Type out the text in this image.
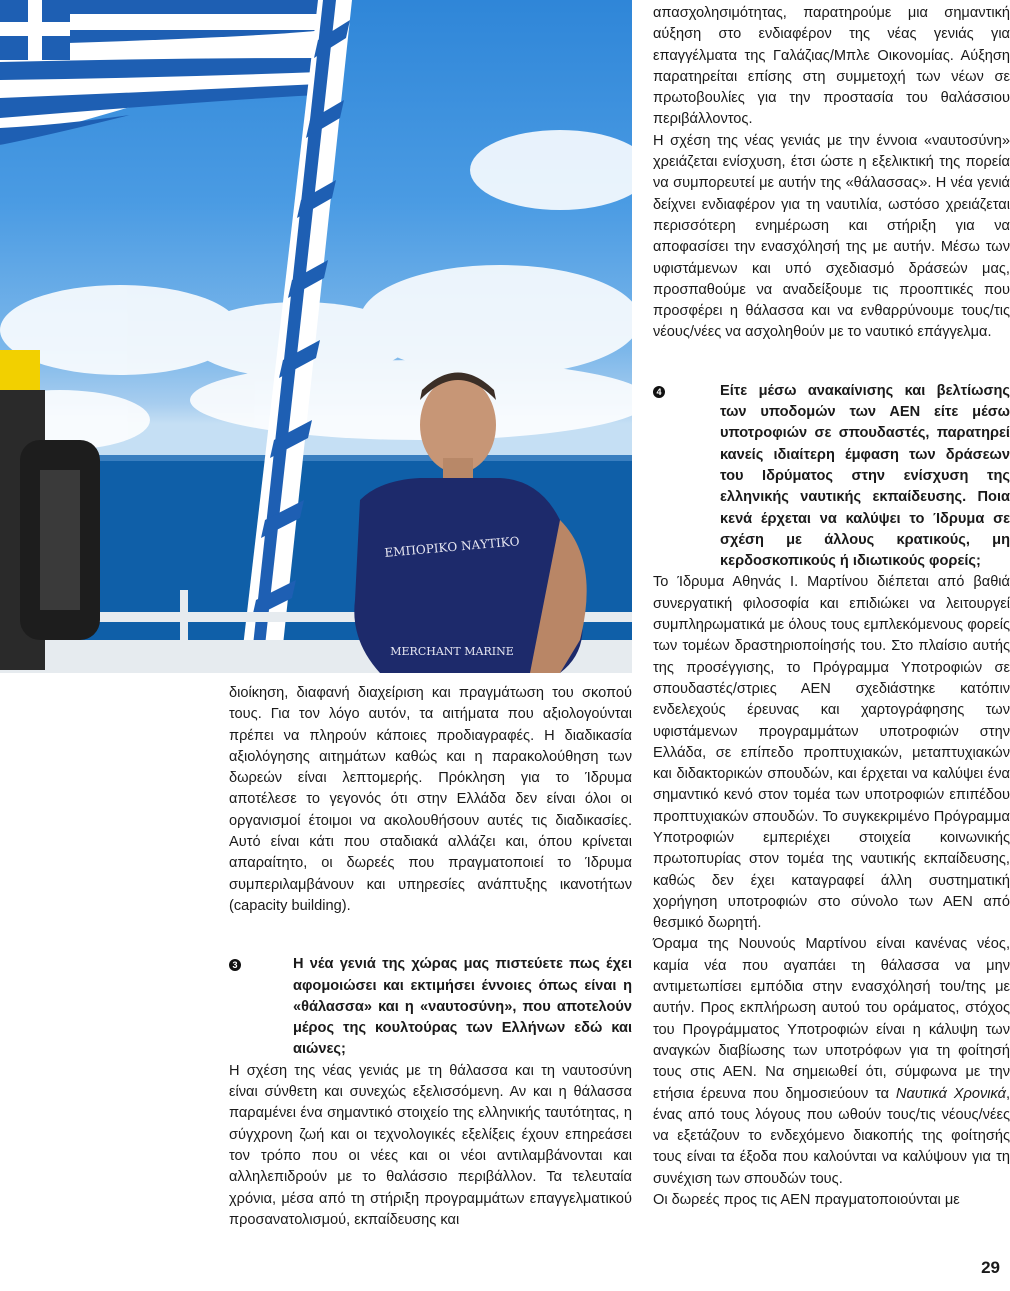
ΕΜΠΟΡΙΚΟ ΝΑΥΤΙΚΟ
MERCHANT MARINE

διοίκηση, διαφανή διαχείριση και πραγμάτωση του σκοπού τους. Για τον λόγο αυτόν, τα αιτήματα που αξιολογούνται πρέπει να πληρούν κάποιες προδιαγραφές. Η διαδικασία αξιολόγησης αιτημάτων καθώς και η παρακολούθηση των δωρεών είναι λεπτομερής. Πρόκληση για το Ίδρυμα αποτέλεσε το γεγονός ότι στην Ελλάδα δεν είναι όλοι οι οργανισμοί έτοιμοι να ακολουθήσουν αυτές τις διαδικασίες. Αυτό είναι κάτι που σταδιακά αλλάζει και, όπου κρίνεται απαραίτητο, οι δωρεές που πραγματοποιεί το Ίδρυμα συμπεριλαμβάνουν και υπηρεσίες ανάπτυξης ικανοτήτων (capacity building).

3	Η νέα γενιά της χώρας μας πιστεύετε πως έχει αφομοιώσει και εκτιμήσει έννοιες όπως είναι η «θάλασσα» και η «ναυτοσύνη», που αποτελούν μέρος της κουλτούρας των Ελλήνων εδώ και αιώνες;

Η σχέση της νέας γενιάς με τη θάλασσα και τη ναυτοσύνη είναι σύνθετη και συνεχώς εξελισσόμενη. Αν και η θάλασσα παραμένει ένα σημαντικό στοιχείο της ελληνικής ταυτότητας, η σύγχρονη ζωή και οι τεχνολογικές εξελίξεις έχουν επηρεάσει τον τρόπο που οι νέες και οι νέοι αντιλαμβάνονται και αλληλεπιδρούν με το θαλάσσιο περιβάλλον. Τα τελευταία χρόνια, μέσα από τη στήριξη προγραμμάτων επαγγελματικού προσανατολισμού, εκπαίδευσης και

απασχολησιμότητας, παρατηρούμε μια σημαντική αύξηση στο ενδιαφέρον της νέας γενιάς για επαγγέλματα της Γαλάζιας/Μπλε Οικονομίας. Αύξηση παρατηρείται επίσης στη συμμετοχή των νέων σε πρωτοβουλίες για την προστασία του θαλάσσιου περιβάλλοντος.

Η σχέση της νέας γενιάς με την έννοια «ναυτοσύνη» χρειάζεται ενίσχυση, έτσι ώστε η εξελικτική της πορεία να συμπορευτεί με αυτήν της «θάλασσας». Η νέα γενιά δείχνει ενδιαφέρον για τη ναυτιλία, ωστόσο χρειάζεται περισσότερη ενημέρωση και στήριξη για να αποφασίσει την ενασχόλησή της με αυτήν. Μέσω των υφιστάμενων και υπό σχεδιασμό δράσεών μας, προσπαθούμε να αναδείξουμε τις προοπτικές που προσφέρει η θάλασσα και να ενθαρρύνουμε τους/τις νέους/νέες να ασχοληθούν με το ναυτικό επάγγελμα.

4	Είτε μέσω ανακαίνισης και βελτίωσης των υποδομών των ΑΕΝ είτε μέσω υποτροφιών σε σπουδαστές, παρατηρεί κανείς ιδιαίτερη έμφαση των δράσεων του Ιδρύματος στην ενίσχυση της ελληνικής ναυτικής εκπαίδευσης. Ποια κενά έρχεται να καλύψει το Ίδρυμα σε σχέση με άλλους κρατικούς, μη κερδοσκοπικούς ή ιδιωτικούς φορείς;

Το Ίδρυμα Αθηνάς Ι. Μαρτίνου διέπεται από βαθιά συνεργατική φιλοσοφία και επιδιώκει να λειτουργεί συμπληρωματικά με όλους τους εμπλεκόμενους φορείς των τομέων δραστηριοποίησής του. Στο πλαίσιο αυτής της προσέγγισης, το Πρόγραμμα Υποτροφιών σε σπουδαστές/στριες ΑΕΝ σχεδιάστηκε κατόπιν ενδελεχούς έρευνας και χαρτογράφησης των υφιστάμενων προγραμμάτων υποτροφιών στην Ελλάδα, σε επίπεδο προπτυχιακών, μεταπτυχιακών και διδακτορικών σπουδών, και έρχεται να καλύψει ένα σημαντικό κενό στον τομέα των υποτροφιών επιπέδου προπτυχιακών σπουδών. Το συγκεκριμένο Πρόγραμμα Υποτροφιών εμπεριέχει στοιχεία κοινωνικής πρωτοπυρίας στον τομέα της ναυτικής εκπαίδευσης, καθώς δεν έχει καταγραφεί άλλη συστηματική χορήγηση υποτροφιών στο σύνολο των ΑΕΝ από θεσμικό δωρητή.

Όραμα της Νουνούς Μαρτίνου είναι κανένας νέος, καμία νέα που αγαπάει τη θάλασσα να μην αντιμετωπίσει εμπόδια στην ενασχόλησή του/της με αυτήν. Προς εκπλήρωση αυτού του οράματος, στόχος του Προγράμματος Υποτροφιών είναι η κάλυψη των αναγκών διαβίωσης των υποτρόφων για τη φοίτησή τους στις ΑΕΝ. Να σημειωθεί ότι, σύμφωνα με την ετήσια έρευνα που δημοσιεύουν τα Ναυτικά Χρονικά, ένας από τους λόγους που ωθούν τους/τις νέους/νέες να εξετάζουν το ενδεχόμενο διακοπής της φοίτησής τους είναι τα έξοδα που καλούνται να καλύψουν για τη συνέχιση των σπουδών τους.

Οι δωρεές προς τις ΑΕΝ πραγματοποιούνται με

29
